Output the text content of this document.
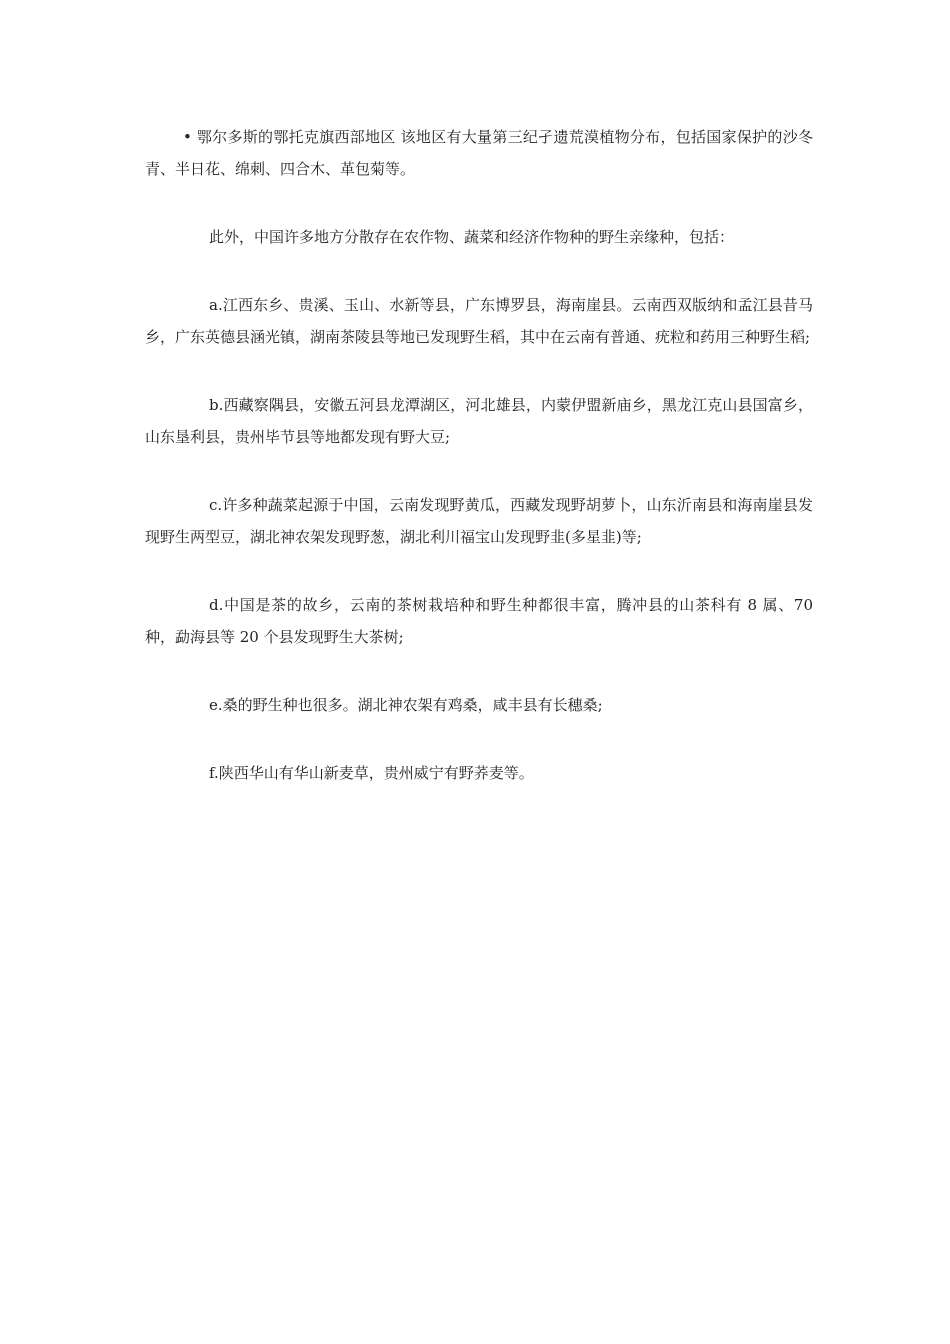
• 鄂尔多斯的鄂托克旗西部地区 该地区有大量第三纪孑遗荒漠植物分布，包括国家保护的沙冬青、半日花、绵刺、四合木、革包菊等。

此外，中国许多地方分散存在农作物、蔬菜和经济作物种的野生亲缘种，包括：

a.江西东乡、贵溪、玉山、水新等县，广东博罗县，海南崖县。云南西双版纳和孟江县昔马乡，广东英德县涵光镇，湖南茶陵县等地已发现野生稻，其中在云南有普通、疣粒和药用三种野生稻;

b.西藏察隅县，安徽五河县龙潭湖区，河北雄县，内蒙伊盟新庙乡，黑龙江克山县国富乡，山东垦利县，贵州毕节县等地都发现有野大豆;

c.许多种蔬菜起源于中国，云南发现野黄瓜，西藏发现野胡萝卜，山东沂南县和海南崖县发现野生两型豆，湖北神农架发现野葱，湖北利川福宝山发现野韭(多星韭)等;

d.中国是茶的故乡，云南的茶树栽培种和野生种都很丰富，腾冲县的山茶科有 8 属、70 种，勐海县等 20 个县发现野生大茶树;

e.桑的野生种也很多。湖北神农架有鸡桑，咸丰县有长穗桑;

f.陕西华山有华山新麦草，贵州威宁有野荞麦等。
